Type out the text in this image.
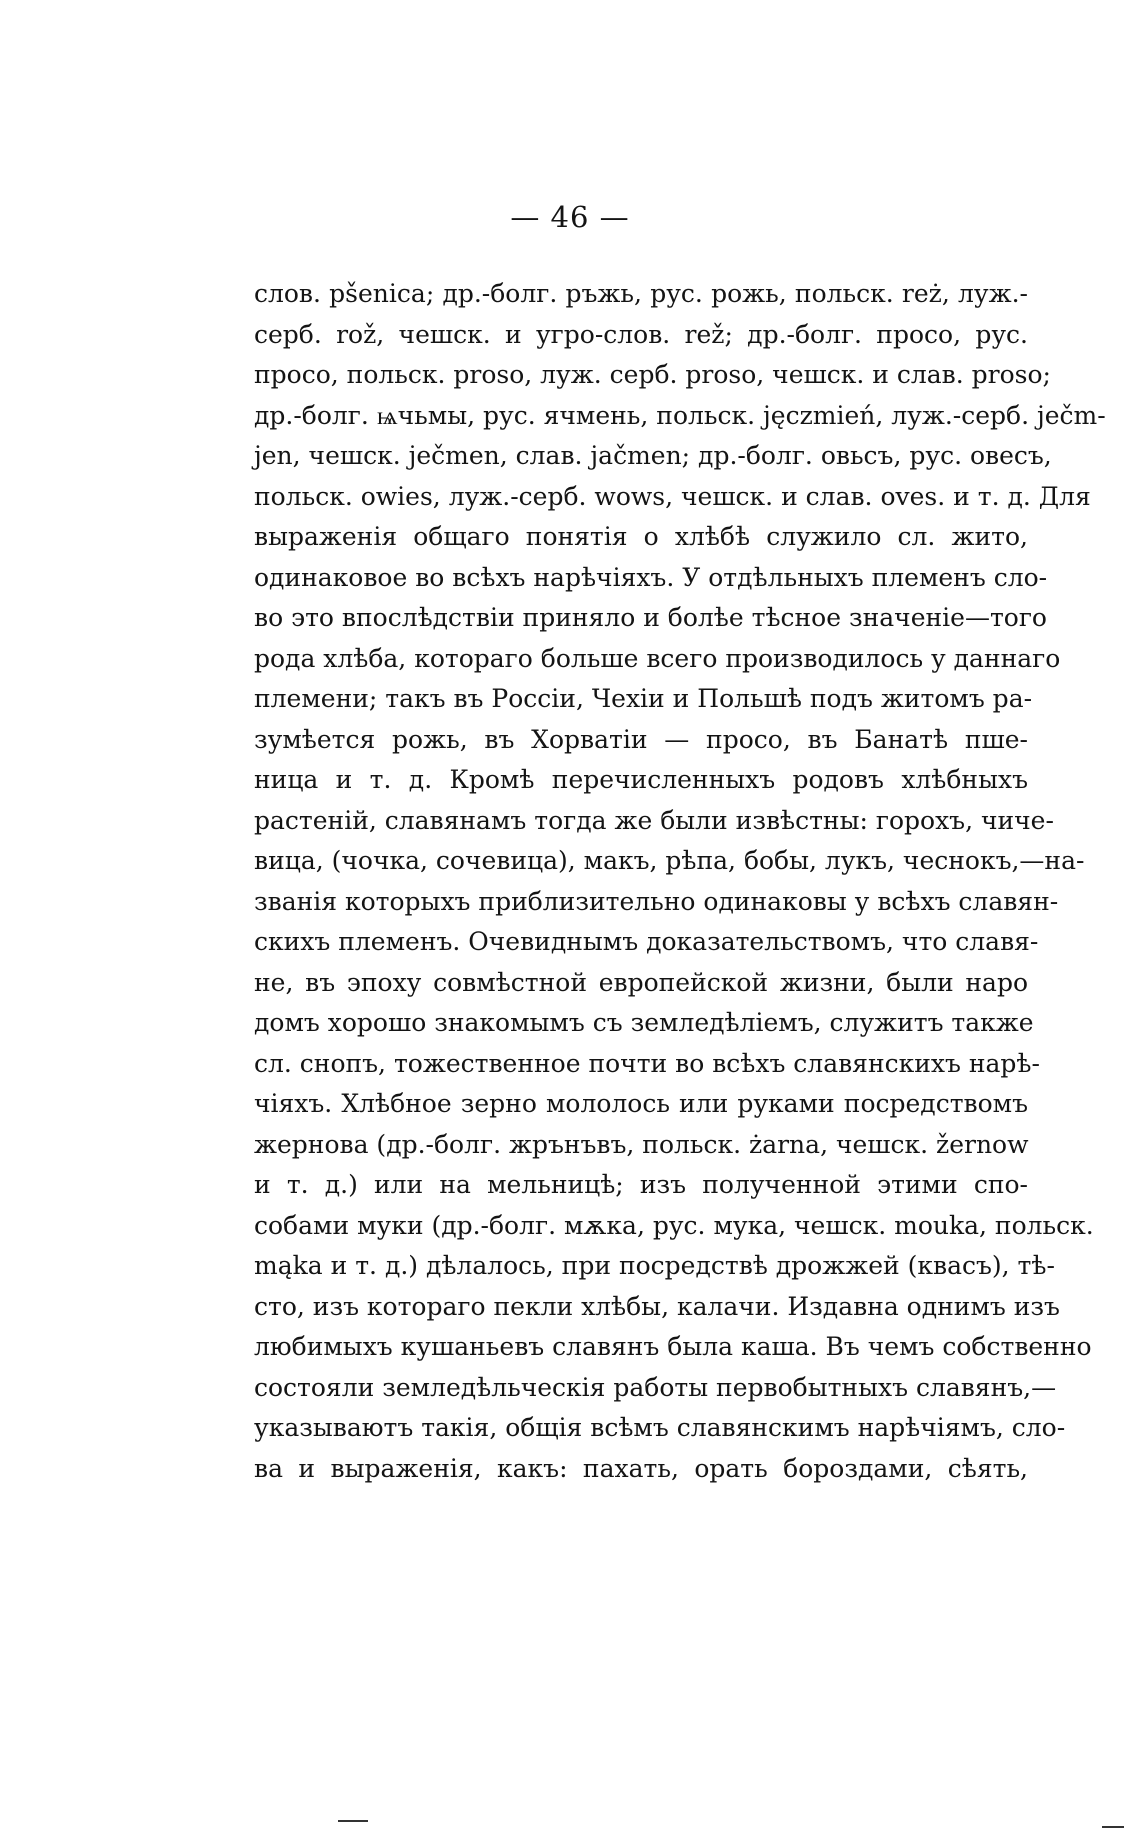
— 46 —
слов. pšenica; др.-болг. ръжь, рус. рожь, польск. reż, луж.-
серб. rož, чешск. и угро-слов. rež; др.-болг. просо, рус.
просо, польск. proso, луж. серб. proso, чешск. и слав. proso;
др.-болг. ѩчьмы, рус. ячмень, польск. jęczmień, луж.-серб. ječm-
jen, чешск. ječmen, слав. jačmen; др.-болг. овьсъ, рус. овесъ,
польск. owies, луж.-серб. wows, чешск. и слав. oves. и т. д. Для
выраженія общаго понятія о хлѣбѣ служило сл. жито,
одинаковое во всѣхъ нарѣчіяхъ. У отдѣльныхъ племенъ сло-
во это впослѣдствіи приняло и болѣе тѣсное значеніе—того
рода хлѣба, котораго больше всего производилось у даннаго
племени; такъ въ Россіи, Чехіи и Польшѣ подъ житомъ ра-
зумѣется рожь, въ Хорватіи — просо, въ Банатѣ пше-
ница и т. д. Кромѣ перечисленныхъ родовъ хлѣбныхъ
растеній, славянамъ тогда же были извѣстны: горохъ, чиче-
вица, (чочка, сочевица), макъ, рѣпа, бобы, лукъ, чеснокъ,—на-
званія которыхъ приблизительно одинаковы у всѣхъ славян-
скихъ племенъ. Очевиднымъ доказательствомъ, что славя-
не, въ эпоху совмѣстной европейской жизни, были наро
домъ хорошо знакомымъ съ земледѣліемъ, служитъ также
сл. снопъ, тожественное почти во всѣхъ славянскихъ нарѣ-
чіяхъ. Хлѣбное зерно мололось или руками посредствомъ
жернова (др.-болг. жрънъвъ, польск. żarna, чешск. žernow
и т. д.) или на мельницѣ; изъ полученной этими спо-
собами муки (др.-болг. мѫка, рус. мука, чешск. mouka, польск.
mąka и т. д.) дѣлалось, при посредствѣ дрожжей (квасъ), тѣ-
сто, изъ котораго пекли хлѣбы, калачи. Издавна однимъ изъ
любимыхъ кушаньевъ славянъ была каша. Въ чемъ собственно
состояли земледѣльческія работы первобытныхъ славянъ,—
указываютъ такія, общія всѣмъ славянскимъ нарѣчіямъ, сло-
ва и выраженія, какъ: пахать, орать бороздами, сѣять,
